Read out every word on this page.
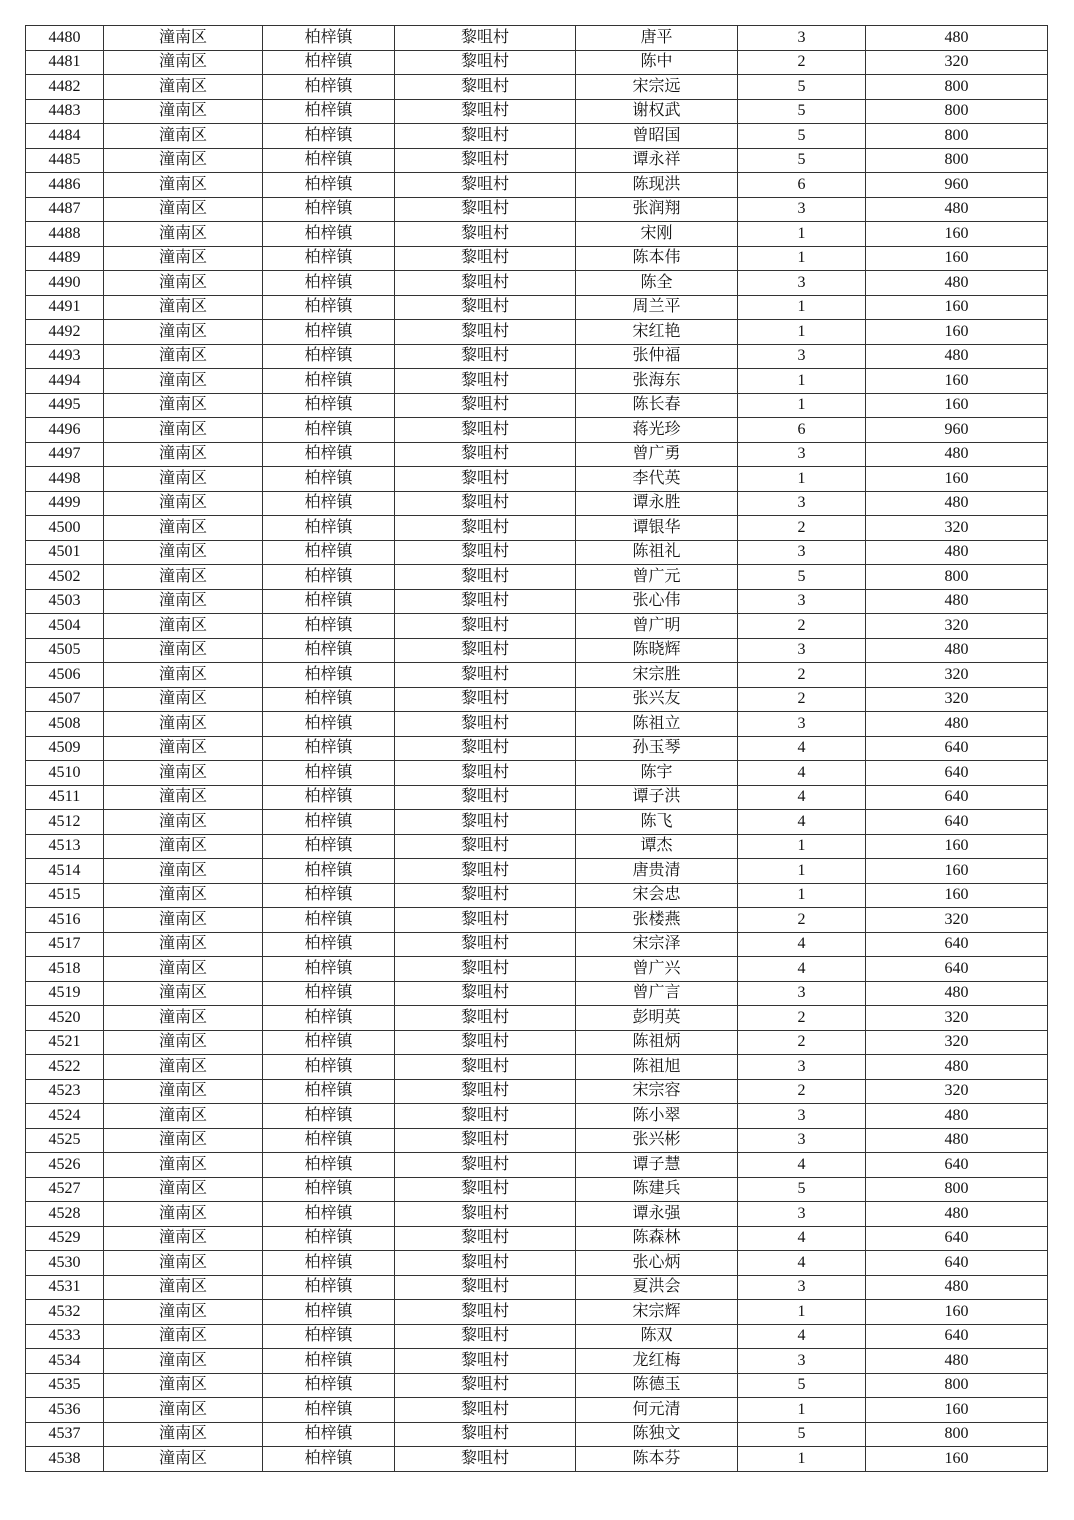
4480	潼南区	柏梓镇	黎咀村	唐平	3	480
4481	潼南区	柏梓镇	黎咀村	陈中	2	320
4482	潼南区	柏梓镇	黎咀村	宋宗远	5	800
4483	潼南区	柏梓镇	黎咀村	谢权武	5	800
4484	潼南区	柏梓镇	黎咀村	曾昭国	5	800
4485	潼南区	柏梓镇	黎咀村	谭永祥	5	800
4486	潼南区	柏梓镇	黎咀村	陈现洪	6	960
4487	潼南区	柏梓镇	黎咀村	张润翔	3	480
4488	潼南区	柏梓镇	黎咀村	宋刚	1	160
4489	潼南区	柏梓镇	黎咀村	陈本伟	1	160
4490	潼南区	柏梓镇	黎咀村	陈全	3	480
4491	潼南区	柏梓镇	黎咀村	周兰平	1	160
4492	潼南区	柏梓镇	黎咀村	宋红艳	1	160
4493	潼南区	柏梓镇	黎咀村	张仲福	3	480
4494	潼南区	柏梓镇	黎咀村	张海东	1	160
4495	潼南区	柏梓镇	黎咀村	陈长春	1	160
4496	潼南区	柏梓镇	黎咀村	蒋光珍	6	960
4497	潼南区	柏梓镇	黎咀村	曾广勇	3	480
4498	潼南区	柏梓镇	黎咀村	李代英	1	160
4499	潼南区	柏梓镇	黎咀村	谭永胜	3	480
4500	潼南区	柏梓镇	黎咀村	谭银华	2	320
4501	潼南区	柏梓镇	黎咀村	陈祖礼	3	480
4502	潼南区	柏梓镇	黎咀村	曾广元	5	800
4503	潼南区	柏梓镇	黎咀村	张心伟	3	480
4504	潼南区	柏梓镇	黎咀村	曾广明	2	320
4505	潼南区	柏梓镇	黎咀村	陈晓辉	3	480
4506	潼南区	柏梓镇	黎咀村	宋宗胜	2	320
4507	潼南区	柏梓镇	黎咀村	张兴友	2	320
4508	潼南区	柏梓镇	黎咀村	陈祖立	3	480
4509	潼南区	柏梓镇	黎咀村	孙玉琴	4	640
4510	潼南区	柏梓镇	黎咀村	陈宇	4	640
4511	潼南区	柏梓镇	黎咀村	谭子洪	4	640
4512	潼南区	柏梓镇	黎咀村	陈飞	4	640
4513	潼南区	柏梓镇	黎咀村	谭杰	1	160
4514	潼南区	柏梓镇	黎咀村	唐贵清	1	160
4515	潼南区	柏梓镇	黎咀村	宋会忠	1	160
4516	潼南区	柏梓镇	黎咀村	张楼燕	2	320
4517	潼南区	柏梓镇	黎咀村	宋宗泽	4	640
4518	潼南区	柏梓镇	黎咀村	曾广兴	4	640
4519	潼南区	柏梓镇	黎咀村	曾广言	3	480
4520	潼南区	柏梓镇	黎咀村	彭明英	2	320
4521	潼南区	柏梓镇	黎咀村	陈祖炳	2	320
4522	潼南区	柏梓镇	黎咀村	陈祖旭	3	480
4523	潼南区	柏梓镇	黎咀村	宋宗容	2	320
4524	潼南区	柏梓镇	黎咀村	陈小翠	3	480
4525	潼南区	柏梓镇	黎咀村	张兴彬	3	480
4526	潼南区	柏梓镇	黎咀村	谭子慧	4	640
4527	潼南区	柏梓镇	黎咀村	陈建兵	5	800
4528	潼南区	柏梓镇	黎咀村	谭永强	3	480
4529	潼南区	柏梓镇	黎咀村	陈森林	4	640
4530	潼南区	柏梓镇	黎咀村	张心炳	4	640
4531	潼南区	柏梓镇	黎咀村	夏洪会	3	480
4532	潼南区	柏梓镇	黎咀村	宋宗辉	1	160
4533	潼南区	柏梓镇	黎咀村	陈双	4	640
4534	潼南区	柏梓镇	黎咀村	龙红梅	3	480
4535	潼南区	柏梓镇	黎咀村	陈德玉	5	800
4536	潼南区	柏梓镇	黎咀村	何元清	1	160
4537	潼南区	柏梓镇	黎咀村	陈独文	5	800
4538	潼南区	柏梓镇	黎咀村	陈本芬	1	160
